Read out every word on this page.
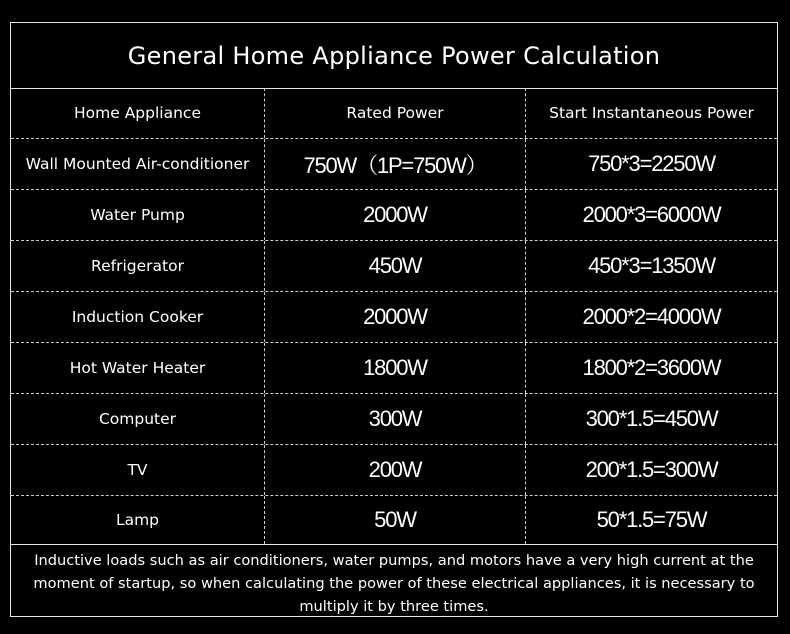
General Home Appliance Power Calculation
Home Appliance	Rated Power	Start Instantaneous Power
Wall Mounted Air-conditioner	750W（1P=750W）	750*3=2250W
Water Pump	2000W	2000*3=6000W
Refrigerator	450W	450*3=1350W
Induction Cooker	2000W	2000*2=4000W
Hot Water Heater	1800W	1800*2=3600W
Computer	300W	300*1.5=450W
TV	200W	200*1.5=300W
Lamp	50W	50*1.5=75W
Inductive loads such as air conditioners, water pumps, and motors have a very high current at the moment of startup, so when calculating the power of these electrical appliances, it is necessary to multiply it by three times.
